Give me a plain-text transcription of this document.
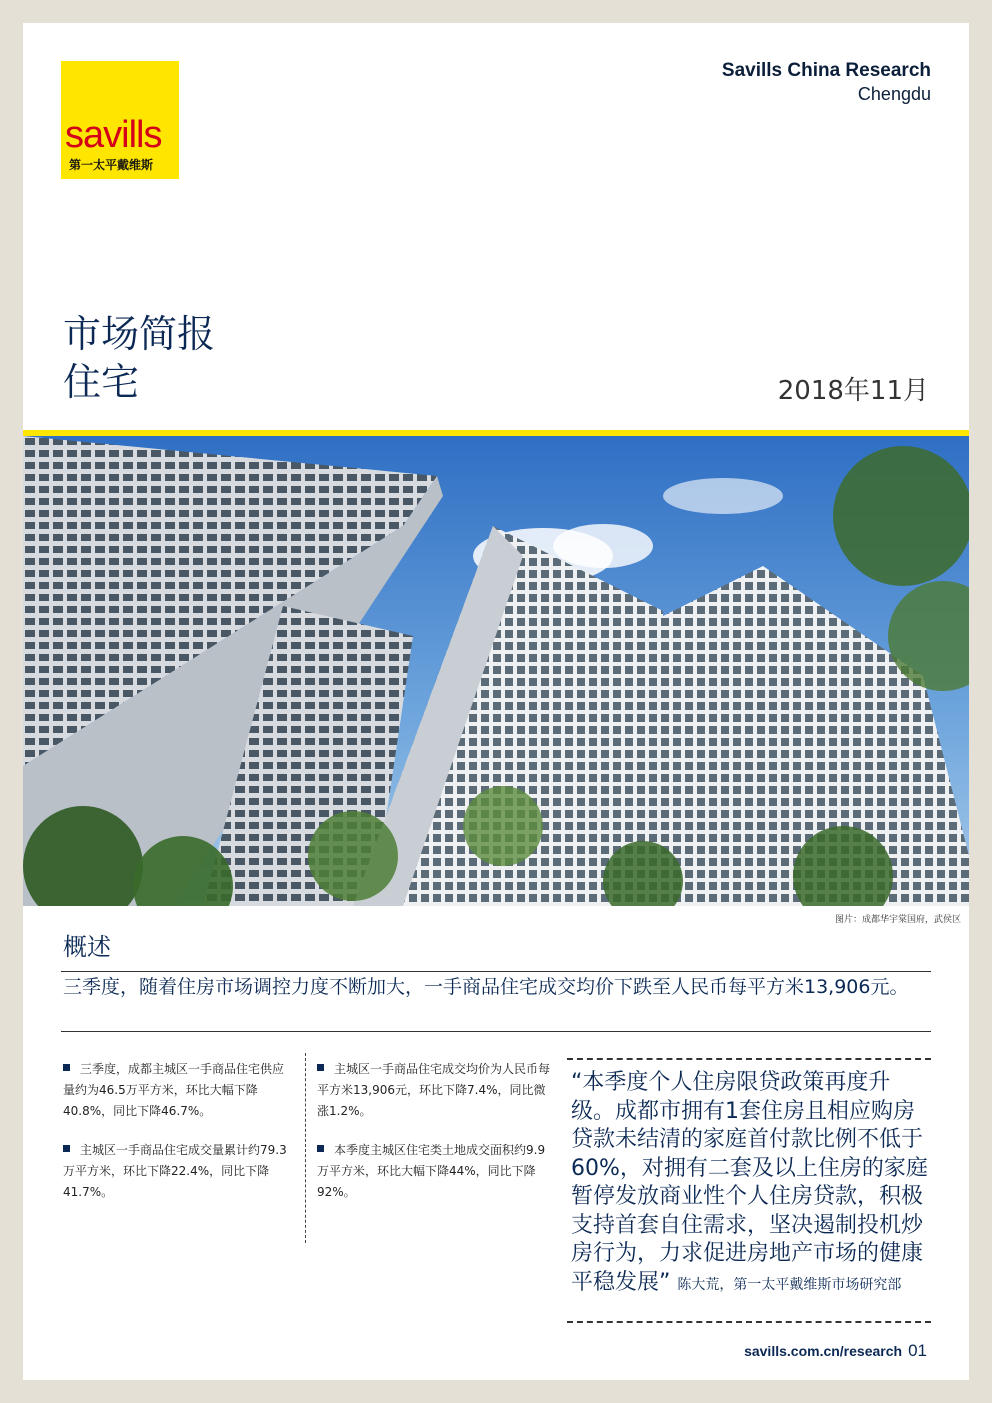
savills
第一太平戴维斯
Savills China Research
Chengdu
市场简报
住宅	2018年11月
图片：成都华宇棠国府，武侯区
概述
三季度，随着住房市场调控力度不断加大，一手商品住宅成交均价下跌至人民币每平方米13,906元。
三季度，成都主城区一手商品住宅供应量约为46.5万平方米，环比大幅下降40.8%，同比下降46.7%。
主城区一手商品住宅成交量累计约79.3万平方米，环比下降22.4%，同比下降41.7%。
主城区一手商品住宅成交均价为人民币每平方米13,906元，环比下降7.4%，同比微涨1.2%。
本季度主城区住宅类土地成交面积约9.9万平方米，环比大幅下降44%，同比下降92%。
“本季度个人住房限贷政策再度升级。成都市拥有1套住房且相应购房贷款未结清的家庭首付款比例不低于60%，对拥有二套及以上住房的家庭暂停发放商业性个人住房贷款，积极支持首套自住需求，坚决遏制投机炒房行为，力求促进房地产市场的健康平稳发展” 陈大荒，第一太平戴维斯市场研究部
savills.com.cn/research 01
